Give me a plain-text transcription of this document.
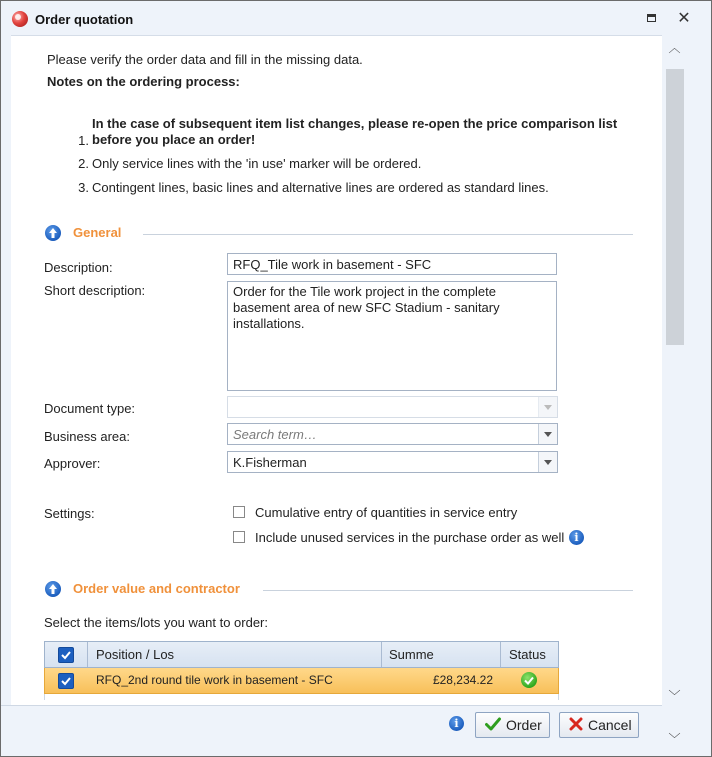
Order quotation	✕
Please verify the order data and fill in the missing data.
Notes on the ordering process:
1.
In the case of subsequent item list changes, please re-open the price comparison list before you place an order!
2. Only service lines with the 'in use' marker will be ordered.
3. Contingent lines, basic lines and alternative lines are ordered as standard lines.
General
Description:	RFQ_Tile work in basement - SFC
Short description:	Order for the Tile work project in the complete basement area of new SFC Stadium - sanitary installations.
Document type:
Business area:	Search term…
Approver:	K.Fisherman
Settings:	Cumulative entry of quantities in service entry
Include unused services in the purchase order as well i
Order value and contractor
Select the items/lots you want to order:
Position / Los	Summe	Status
RFQ_2nd round tile work in basement - SFC	£28,234.22
︿
﹀
﹀
i	Order	Cancel
